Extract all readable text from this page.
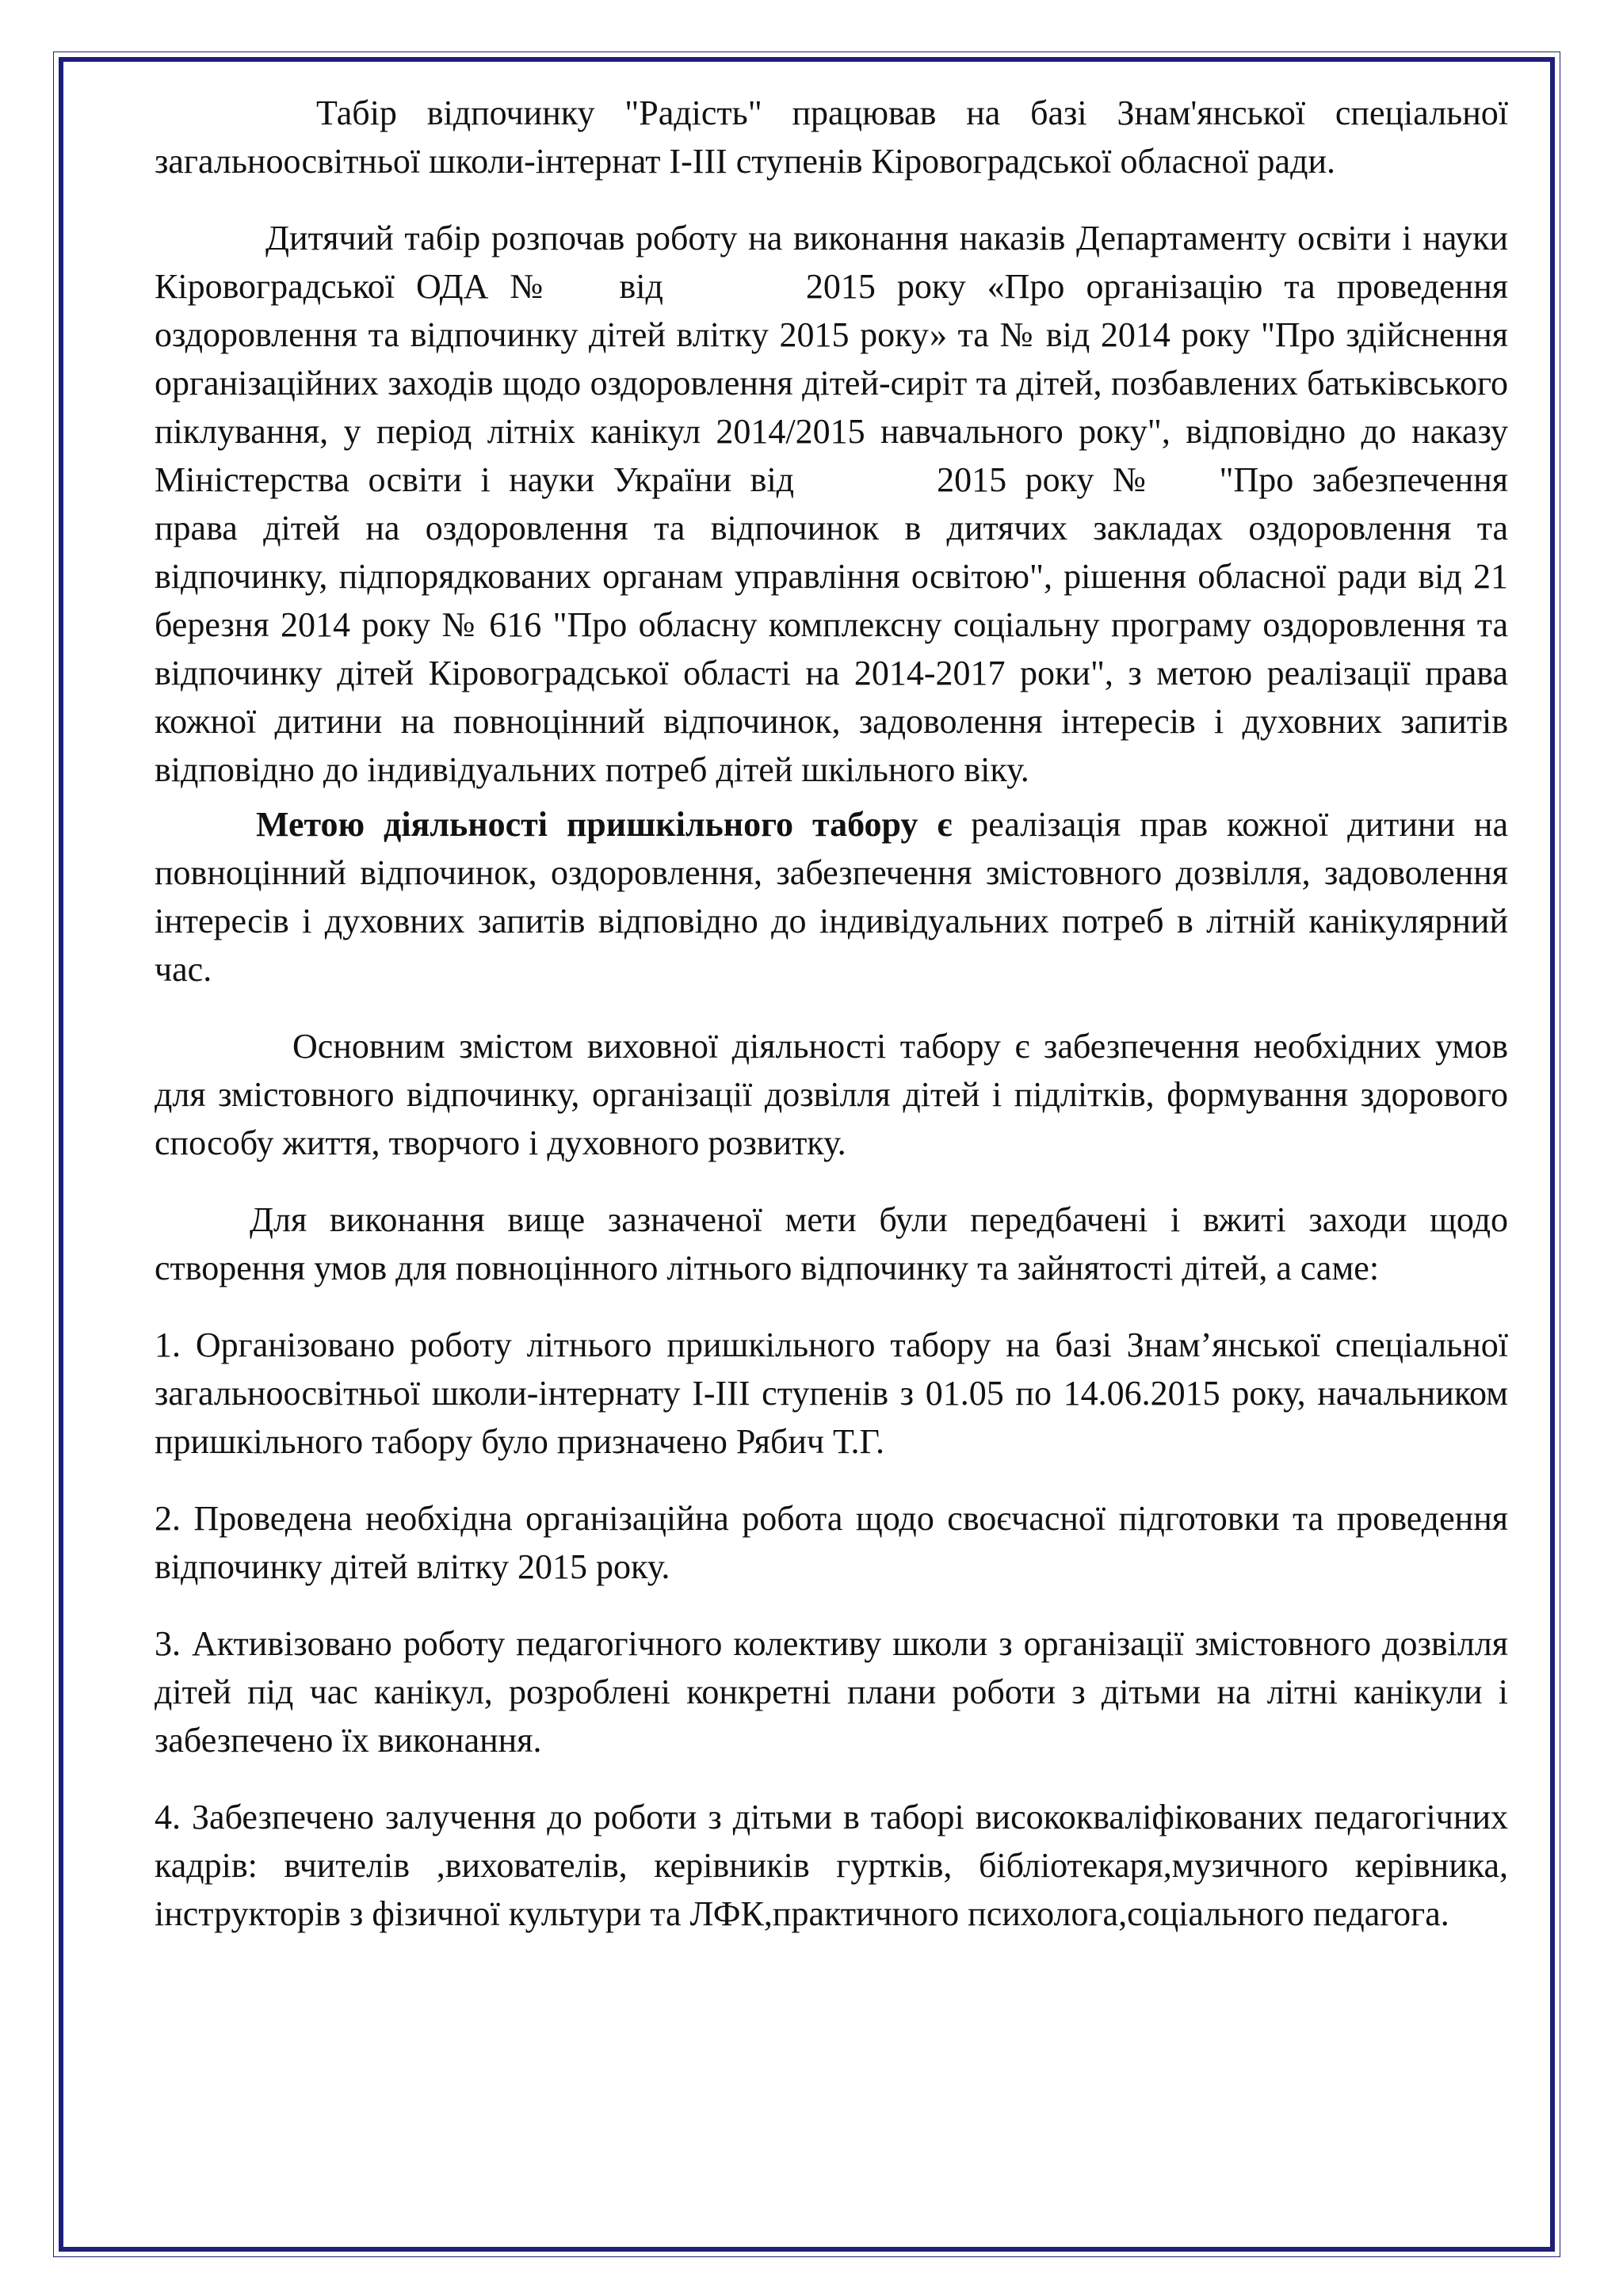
Табір відпочинку "Радість" працював на базі Знам'янської спеціальної загальноосвітньої школи-інтернат І-ІІІ ступенів Кіровоградської обласної ради.

Дитячий табір розпочав роботу на виконання наказів Департаменту освіти і науки Кіровоградської ОДА № від	2015 року «Про організацію та проведення оздоровлення та відпочинку дітей влітку 2015 року» та № від 2014 року "Про здійснення організаційних заходів щодо оздоровлення дітей-сиріт та дітей, позбавлених батьківського піклування, у період літніх канікул 2014/2015 навчального року", відповідно до наказу Міністерства освіти і науки України від	2015 року № "Про забезпечення права дітей на оздоровлення та відпочинок в дитячих закладах оздоровлення та відпочинку, підпорядкованих органам управління освітою", рішення обласної ради від 21 березня 2014 року № 616 "Про обласну комплексну соціальну програму оздоровлення та відпочинку дітей Кіровоградської області на 2014-2017 роки", з метою реалізації права кожної дитини на повноцінний відпочинок, задоволення інтересів і духовних запитів відповідно до індивідуальних потреб дітей шкільного віку.

Метою діяльності пришкільного табору є реалізація прав кожної дитини на повноцінний відпочинок, оздоровлення, забезпечення змістовного дозвілля, задоволення інтересів і духовних запитів відповідно до індивідуальних потреб в літній канікулярний час.

Основним змістом виховної діяльності табору є забезпечення необхідних умов для змістовного відпочинку, організації дозвілля дітей і підлітків, формування здорового способу життя, творчого і духовного розвитку.

Для виконання вище зазначеної мети були передбачені і вжиті заходи щодо створення умов для повноцінного літнього відпочинку та зайнятості дітей, а саме:

1. Організовано роботу літнього пришкільного табору на базі Знам’янської спеціальної загальноосвітньої школи-інтернату І-ІІІ ступенів з 01.05 по 14.06.2015 року, начальником пришкільного табору було призначено Рябич Т.Г.

2. Проведена необхідна організаційна робота щодо своєчасної підготовки та проведення відпочинку дітей влітку 2015 року.

3. Активізовано роботу педагогічного колективу школи з організації змістовного дозвілля дітей під час канікул, розроблені конкретні плани роботи з дітьми на літні канікули і забезпечено їх виконання.

4. Забезпечено залучення до роботи з дітьми в таборі висококваліфікованих педагогічних кадрів: вчителів ,вихователів, керівників гуртків, бібліотекаря,музичного керівника, інструкторів з фізичної культури та ЛФК,практичного психолога,соціального педагога.
